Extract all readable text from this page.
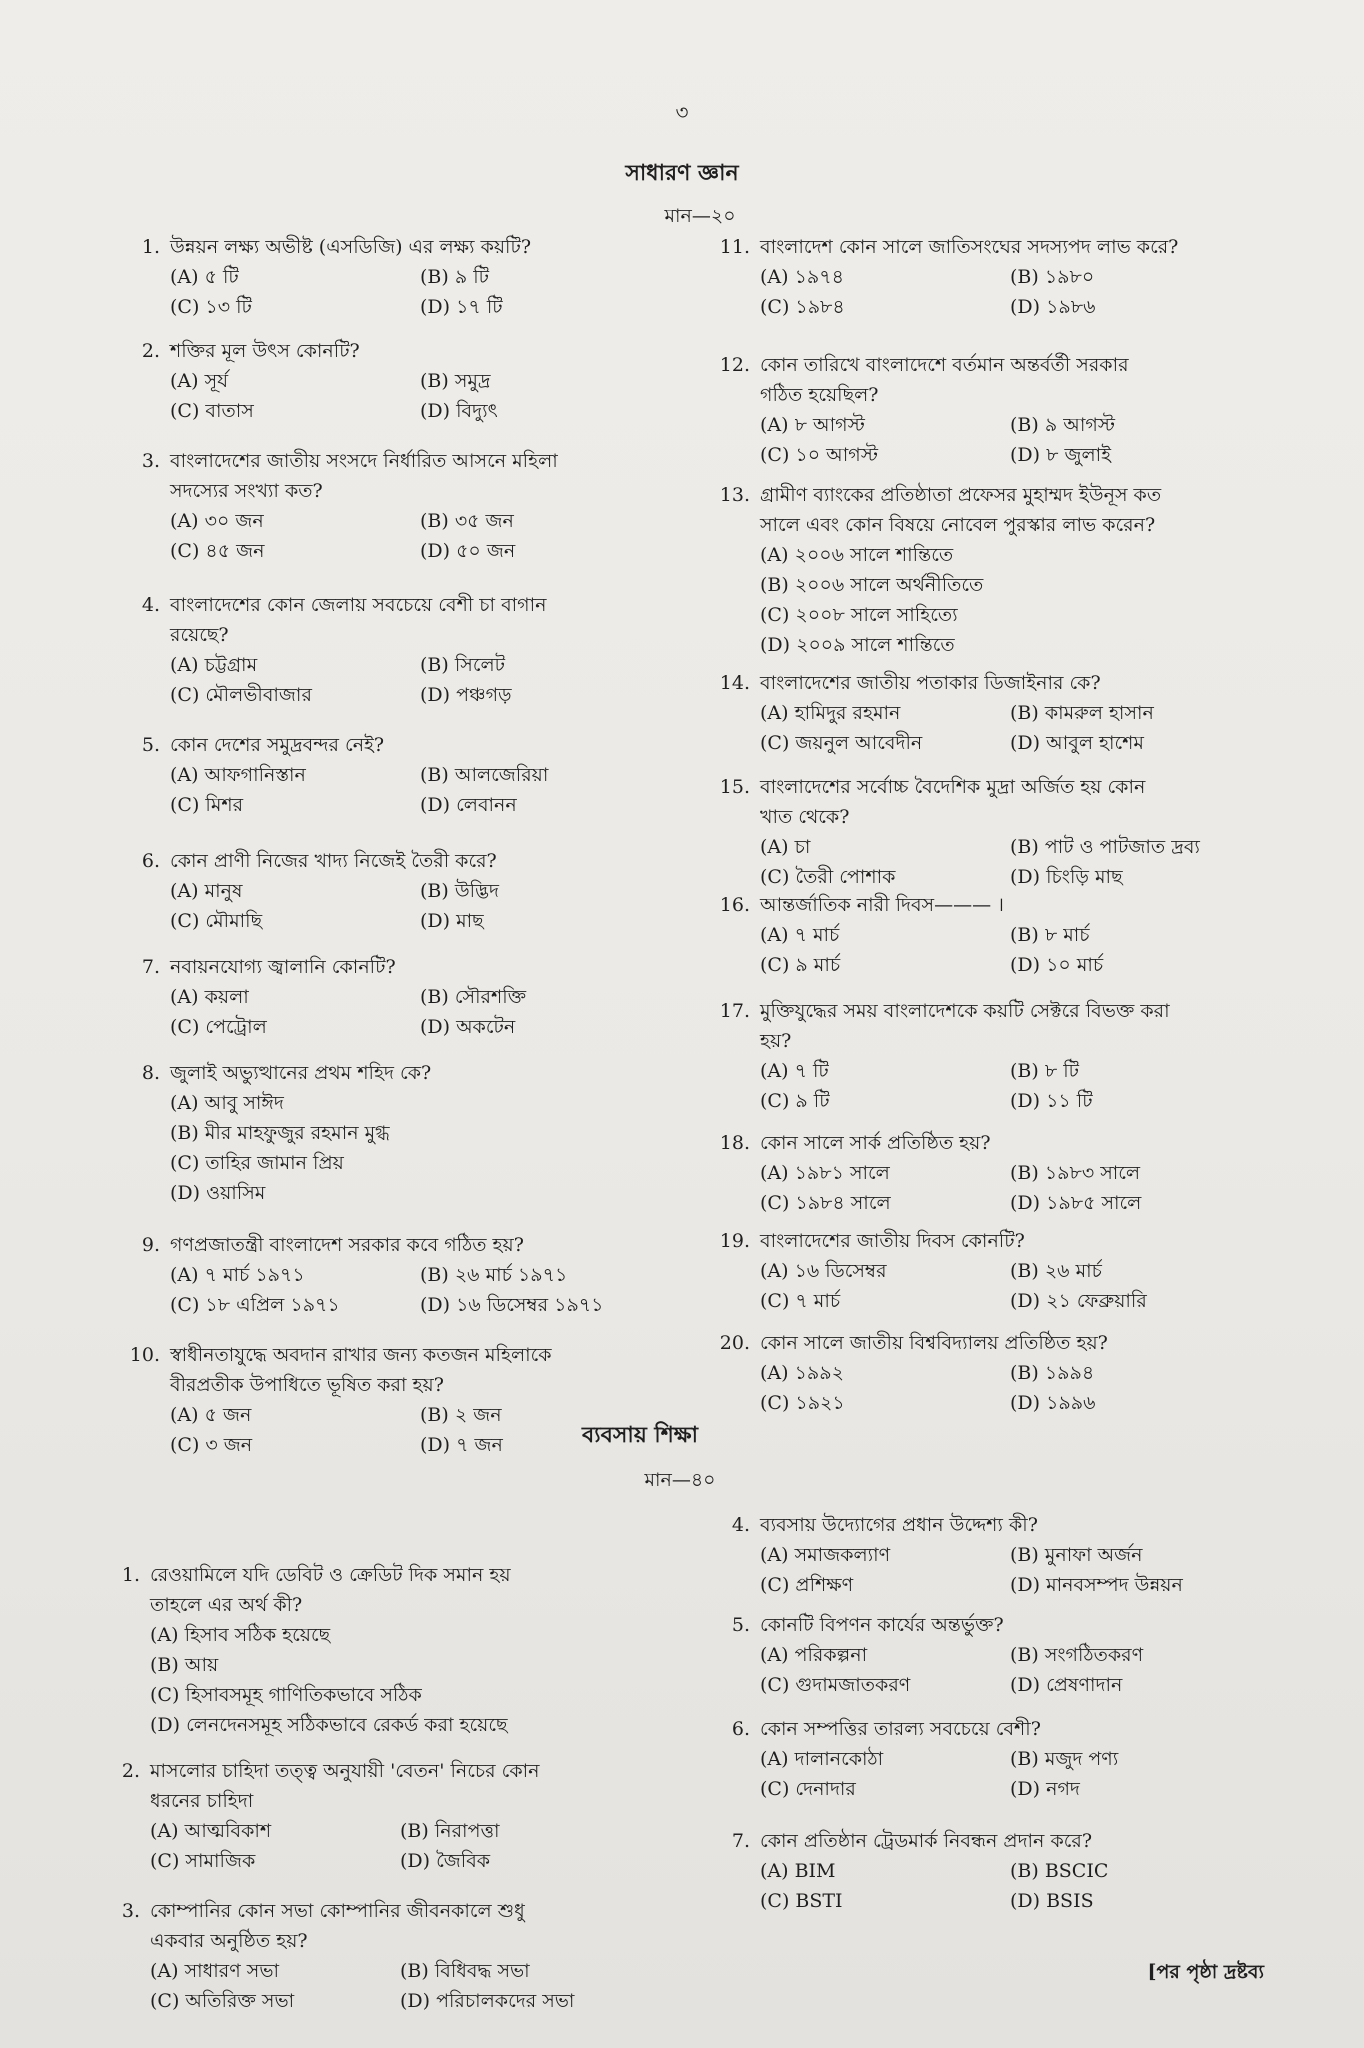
৩
সাধারণ জ্ঞান
মান—২০
ব্যবসায় শিক্ষা
মান—৪০
[পর পৃষ্ঠা দ্রষ্টব্য
1. উন্নয়ন লক্ষ্য অভীষ্ট (এসডিজি) এর লক্ষ্য কয়টি?
(A) ৫ টি	(B) ৯ টি
(C) ১৩ টি	(D) ১৭ টি
2. শক্তির মূল উৎস কোনটি?
(A) সূর্য	(B) সমুদ্র
(C) বাতাস	(D) বিদ্যুৎ
3. বাংলাদেশের জাতীয় সংসদে নির্ধারিত আসনে মহিলা
সদস্যের সংখ্যা কত?
(A) ৩০ জন	(B) ৩৫ জন
(C) ৪৫ জন	(D) ৫০ জন
4. বাংলাদেশের কোন জেলায় সবচেয়ে বেশী চা বাগান
রয়েছে?
(A) চট্টগ্রাম	(B) সিলেট
(C) মৌলভীবাজার	(D) পঞ্চগড়
5. কোন দেশের সমুদ্রবন্দর নেই?
(A) আফগানিস্তান	(B) আলজেরিয়া
(C) মিশর	(D) লেবানন
6. কোন প্রাণী নিজের খাদ্য নিজেই তৈরী করে?
(A) মানুষ	(B) উদ্ভিদ
(C) মৌমাছি	(D) মাছ
7. নবায়নযোগ্য জ্বালানি কোনটি?
(A) কয়লা	(B) সৌরশক্তি
(C) পেট্রোল	(D) অকটেন
8. জুলাই অভ্যুত্থানের প্রথম শহিদ কে?
(A) আবু সাঈদ
(B) মীর মাহফুজুর রহমান মুগ্ধ
(C) তাহির জামান প্রিয়
(D) ওয়াসিম
9. গণপ্রজাতন্ত্রী বাংলাদেশ সরকার কবে গঠিত হয়?
(A) ৭ মার্চ ১৯৭১	(B) ২৬ মার্চ ১৯৭১
(C) ১৮ এপ্রিল ১৯৭১	(D) ১৬ ডিসেম্বর ১৯৭১
10. স্বাধীনতাযুদ্ধে অবদান রাখার জন্য কতজন মহিলাকে
বীরপ্রতীক উপাধিতে ভূষিত করা হয়?
(A) ৫ জন	(B) ২ জন
(C) ৩ জন	(D) ৭ জন
11. বাংলাদেশ কোন সালে জাতিসংঘের সদস্যপদ লাভ করে?
(A) ১৯৭৪	(B) ১৯৮০
(C) ১৯৮৪	(D) ১৯৮৬
12. কোন তারিখে বাংলাদেশে বর্তমান অন্তর্বর্তী সরকার
গঠিত হয়েছিল?
(A) ৮ আগস্ট	(B) ৯ আগস্ট
(C) ১০ আগস্ট	(D) ৮ জুলাই
13. গ্রামীণ ব্যাংকের প্রতিষ্ঠাতা প্রফেসর মুহাম্মদ ইউনূস কত
সালে এবং কোন বিষয়ে নোবেল পুরস্কার লাভ করেন?
(A) ২০০৬ সালে শান্তিতে
(B) ২০০৬ সালে অর্থনীতিতে
(C) ২০০৮ সালে সাহিত্যে
(D) ২০০৯ সালে শান্তিতে
14. বাংলাদেশের জাতীয় পতাকার ডিজাইনার কে?
(A) হামিদুর রহমান	(B) কামরুল হাসান
(C) জয়নুল আবেদীন	(D) আবুল হাশেম
15. বাংলাদেশের সর্বোচ্চ বৈদেশিক মুদ্রা অর্জিত হয় কোন
খাত থেকে?
(A) চা	(B) পাট ও পাটজাত দ্রব্য
(C) তৈরী পোশাক	(D) চিংড়ি মাছ
16. আন্তর্জাতিক নারী দিবস——— ।
(A) ৭ মার্চ	(B) ৮ মার্চ
(C) ৯ মার্চ	(D) ১০ মার্চ
17. মুক্তিযুদ্ধের সময় বাংলাদেশকে কয়টি সেক্টরে বিভক্ত করা
হয়?
(A) ৭ টি	(B) ৮ টি
(C) ৯ টি	(D) ১১ টি
18. কোন সালে সার্ক প্রতিষ্ঠিত হয়?
(A) ১৯৮১ সালে	(B) ১৯৮৩ সালে
(C) ১৯৮৪ সালে	(D) ১৯৮৫ সালে
19. বাংলাদেশের জাতীয় দিবস কোনটি?
(A) ১৬ ডিসেম্বর	(B) ২৬ মার্চ
(C) ৭ মার্চ	(D) ২১ ফেব্রুয়ারি
20. কোন সালে জাতীয় বিশ্ববিদ্যালয় প্রতিষ্ঠিত হয়?
(A) ১৯৯২	(B) ১৯৯৪
(C) ১৯২১	(D) ১৯৯৬
1. রেওয়ামিলে যদি ডেবিট ও ক্রেডিট দিক সমান হয়
তাহলে এর অর্থ কী?
(A) হিসাব সঠিক হয়েছে
(B) আয়
(C) হিসাবসমূহ গাণিতিকভাবে সঠিক
(D) লেনদেনসমূহ সঠিকভাবে রেকর্ড করা হয়েছে
2. মাসলোর চাহিদা তত্ত্ব অনুযায়ী 'বেতন' নিচের কোন
ধরনের চাহিদা
(A) আত্মবিকাশ	(B) নিরাপত্তা
(C) সামাজিক	(D) জৈবিক
3. কোম্পানির কোন সভা কোম্পানির জীবনকালে শুধু
একবার অনুষ্ঠিত হয়?
(A) সাধারণ সভা	(B) বিধিবদ্ধ সভা
(C) অতিরিক্ত সভা	(D) পরিচালকদের সভা
4. ব্যবসায় উদ্যোগের প্রধান উদ্দেশ্য কী?
(A) সমাজকল্যাণ	(B) মুনাফা অর্জন
(C) প্রশিক্ষণ	(D) মানবসম্পদ উন্নয়ন
5. কোনটি বিপণন কার্যের অন্তর্ভুক্ত?
(A) পরিকল্পনা	(B) সংগঠিতকরণ
(C) গুদামজাতকরণ	(D) প্রেষণাদান
6. কোন সম্পত্তির তারল্য সবচেয়ে বেশী?
(A) দালানকোঠা	(B) মজুদ পণ্য
(C) দেনাদার	(D) নগদ
7. কোন প্রতিষ্ঠান ট্রেডমার্ক নিবন্ধন প্রদান করে?
(A) BIM	(B) BSCIC
(C) BSTI	(D) BSIS
